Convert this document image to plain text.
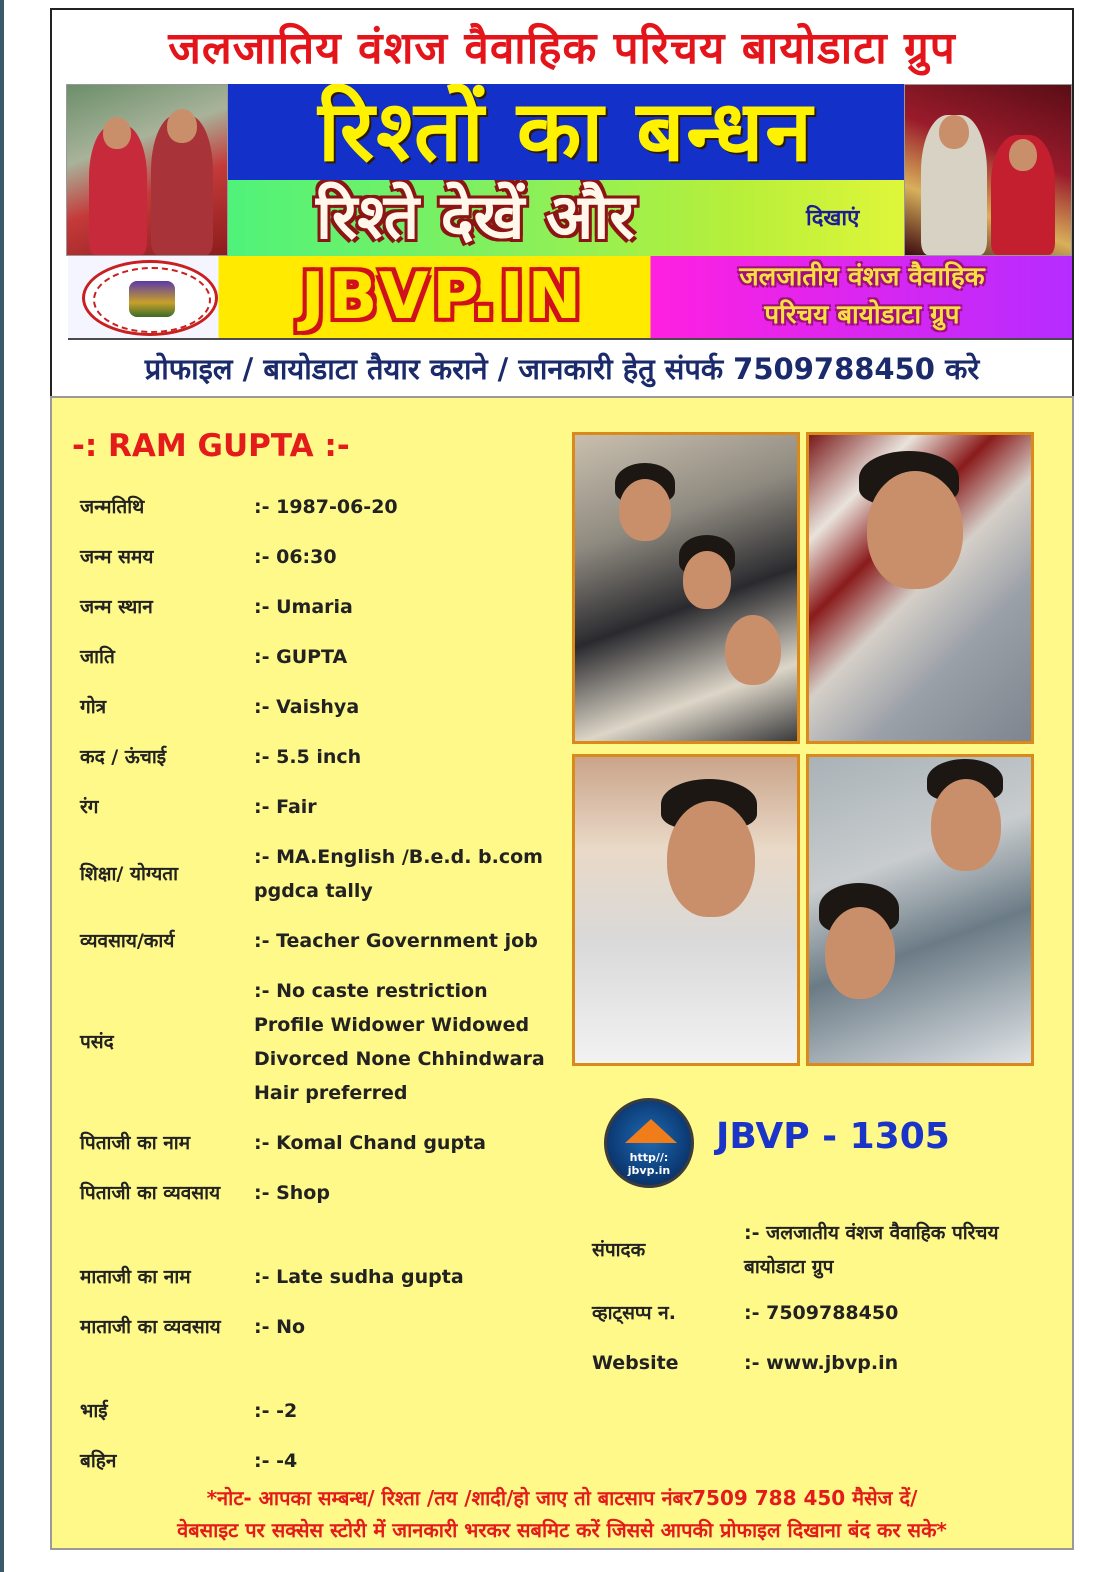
जलजातिय वंशज वैवाहिक परिचय बायोडाटा ग्रुप
रिश्तों का बन्धन
रिश्ते देखें और	दिखाएं
JBVP.IN	जलजातीय वंशज वैवाहिक
परिचय बायोडाटा ग्रुप
प्रोफाइल / बायोडाटा तैयार कराने / जानकारी हेतु संपर्क 7509788450 करे
-: RAM GUPTA :-
जन्मतिथि	:- 1987-06-20
जन्म समय	:- 06:30
जन्म स्थान	:- Umaria
जाति	:- GUPTA
गोत्र	:- Vaishya
कद / ऊंचाई	:- 5.5 inch
रंग	:- Fair
शिक्षा/ योग्यता
:- MA.English /B.e.d. b.com pgdca tally
व्यवसाय/कार्य	:- Teacher Government job
पसंद
:- No caste restriction Profile Widower Widowed Divorced None Chhindwara Hair preferred
पिताजी का नाम	:- Komal Chand gupta
पिताजी का व्यवसाय	:- Shop
माताजी का नाम	:- Late sudha gupta
माताजी का व्यवसाय	:- No
भाई	:- -2
बहिन	:- -4
http//: jbvp.in
JBVP - 1305
संपादक
:- जलजातीय वंशज वैवाहिक परिचय बायोडाटा ग्रुप
व्हाट्सप्प न.	:- 7509788450
Website	:- www.jbvp.in
*नोट- आपका सम्बन्ध/ रिश्ता /तय /शादी/हो जाए तो बाटसाप नंबर7509 788 450 मैसेज दें/
वेबसाइट पर सक्सेस स्टोरी में जानकारी भरकर सबमिट करें जिससे आपकी प्रोफाइल दिखाना बंद कर सके*
